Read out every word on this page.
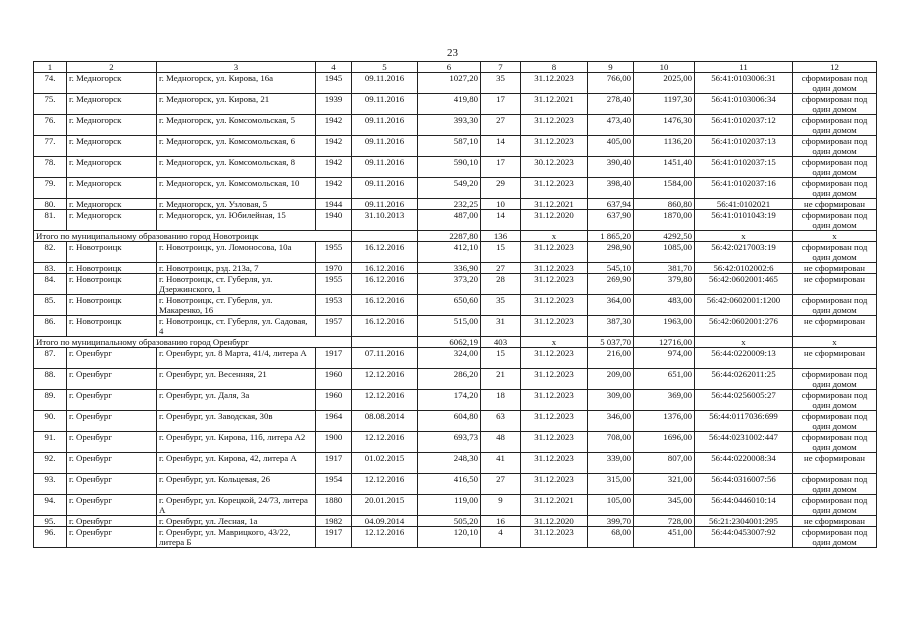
23
1	2	3	4	5	6	7	8	9	10	11	12
74.	г. Медногорск	г. Медногорск, ул. Кирова, 16а	1945	09.11.2016	1027,20	35	31.12.2023	766,00	2025,00	56:41:0103006:31	сформирован под один домом
75.	г. Медногорск	г. Медногорск, ул. Кирова, 21	1939	09.11.2016	419,80	17	31.12.2021	278,40	1197,30	56:41:0103006:34	сформирован под один домом
76.	г. Медногорск	г. Медногорск, ул. Комсомольская, 5	1942	09.11.2016	393,30	27	31.12.2023	473,40	1476,30	56:41:0102037:12	сформирован под один домом
77.	г. Медногорск	г. Медногорск, ул. Комсомольская, 6	1942	09.11.2016	587,10	14	31.12.2023	405,00	1136,20	56:41:0102037:13	сформирован под один домом
78.	г. Медногорск	г. Медногорск, ул. Комсомольская, 8	1942	09.11.2016	590,10	17	30.12.2023	390,40	1451,40	56:41:0102037:15	сформирован под один домом
79.	г. Медногорск	г. Медногорск, ул. Комсомольская, 10	1942	09.11.2016	549,20	29	31.12.2023	398,40	1584,00	56:41:0102037:16	сформирован под один домом
80.	г. Медногорск	г. Медногорск, ул. Узловая, 5	1944	09.11.2016	232,25	10	31.12.2021	637,94	860,80	56:41:0102021	не сформирован
81.	г. Медногорск	г. Медногорск, ул. Юбилейная, 15	1940	31.10.2013	487,00	14	31.12.2020	637,90	1870,00	56:41:0101043:19	сформирован под один домом
Итого по муниципальному образованию город Новотроицк					2287,80	136	x	1 865,20	4292,50	x	x
82.	г. Новотроицк	г. Новотроицк, ул. Ломоносова, 10а	1955	16.12.2016	412,10	15	31.12.2023	298,90	1085,00	56:42:0217003:19	сформирован под один домом
83.	г. Новотроицк	г. Новотроицк, рзд. 213а, 7	1970	16.12.2016	336,90	27	31.12.2023	545,10	381,70	56:42:0102002:6	не сформирован
84.	г. Новотроицк	г. Новотроицк, ст. Губерля, ул. Дзержинского, 1	1955	16.12.2016	373,20	28	31.12.2023	269,90	379,80	56:42:0602001:465	не сформирован
85.	г. Новотроицк	г. Новотроицк, ст. Губерля, ул. Макаренко, 16	1953	16.12.2016	650,60	35	31.12.2023	364,00	483,00	56:42:0602001:1200	сформирован под один домом
86.	г. Новотроицк	г. Новотроицк, ст. Губерля, ул. Садовая, 4	1957	16.12.2016	515,00	31	31.12.2023	387,30	1963,00	56:42:0602001:276	не сформирован
Итого по муниципальному образованию город Оренбург					6062,19	403	x	5 037,70	12716,00	x	x
87.	г. Оренбург	г. Оренбург, ул. 8 Марта, 41/4, литера А	1917	07.11.2016	324,00	15	31.12.2023	216,00	974,00	56:44:0220009:13	не сформирован
88.	г. Оренбург	г. Оренбург, ул. Весенняя, 21	1960	12.12.2016	286,20	21	31.12.2023	209,00	651,00	56:44:0262011:25	сформирован под один домом
89.	г. Оренбург	г. Оренбург, ул. Даля, 3а	1960	12.12.2016	174,20	18	31.12.2023	309,00	369,00	56:44:0256005:27	сформирован под один домом
90.	г. Оренбург	г. Оренбург, ул. Заводская, 30в	1964	08.08.2014	604,80	63	31.12.2023	346,00	1376,00	56:44:0117036:699	сформирован под один домом
91.	г. Оренбург	г. Оренбург, ул. Кирова, 11б, литера А2	1900	12.12.2016	693,73	48	31.12.2023	708,00	1696,00	56:44:0231002:447	сформирован под один домом
92.	г. Оренбург	г. Оренбург, ул. Кирова, 42, литера А	1917	01.02.2015	248,30	41	31.12.2023	339,00	807,00	56:44:0220008:34	не сформирован
93.	г. Оренбург	г. Оренбург, ул. Кольцевая, 26	1954	12.12.2016	416,50	27	31.12.2023	315,00	321,00	56:44:0316007:56	сформирован под один домом
94.	г. Оренбург	г. Оренбург, ул. Корецкой, 24/73, литера А	1880	20.01.2015	119,00	9	31.12.2021	105,00	345,00	56:44:0446010:14	сформирован под один домом
95.	г. Оренбург	г. Оренбург, ул. Лесная, 1а	1982	04.09.2014	505,20	16	31.12.2020	399,70	728,00	56:21:2304001:295	не сформирован
96.	г. Оренбург	г. Оренбург, ул. Маврицкого, 43/22, литера Б	1917	12.12.2016	120,10	4	31.12.2023	68,00	451,00	56:44:0453007:92	сформирован под один домом
